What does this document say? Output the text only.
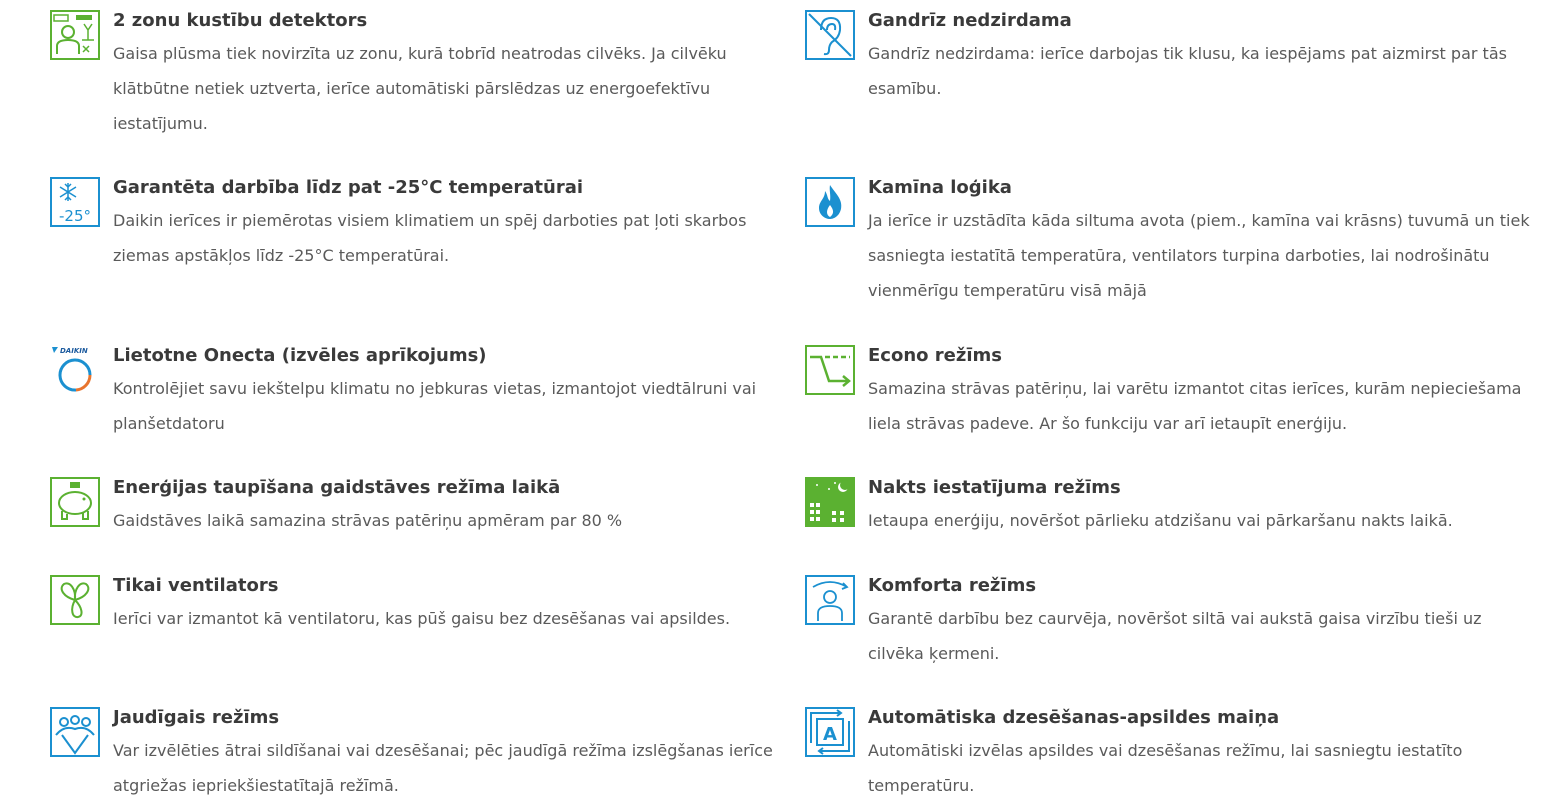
2 zonu kustību detektors
Gaisa plūsma tiek novirzīta uz zonu, kurā tobrīd neatrodas cilvēks. Ja cilvēku klātbūtne netiek uztverta, ierīce automātiski pārslēdzas uz energoefektīvu iestatījumu.
-25°
Garantēta darbība līdz pat -25°C temperatūrai
Daikin ierīces ir piemērotas visiem klimatiem un spēj darboties pat ļoti skarbos ziemas apstākļos līdz -25°C temperatūrai.
DAIKIN Lietotne Onecta (izvēles aprīkojums)
Kontrolējiet savu iekštelpu klimatu no jebkuras vietas, izmantojot viedtālruni vai planšetdatoru
Enerģijas taupīšana gaidstāves režīma laikā
Gaidstāves laikā samazina strāvas patēriņu apmēram par 80 %
Tikai ventilators
Ierīci var izmantot kā ventilatoru, kas pūš gaisu bez dzesēšanas vai apsildes.
Jaudīgais režīms
Var izvēlēties ātrai sildīšanai vai dzesēšanai; pēc jaudīgā režīma izslēgšanas ierīce atgriežas iepriekšiestatītajā režīmā.
Gandrīz nedzirdama
Gandrīz nedzirdama: ierīce darbojas tik klusu, ka iespējams pat aizmirst par tās esamību.
Kamīna loģika
Ja ierīce ir uzstādīta kāda siltuma avota (piem., kamīna vai krāsns) tuvumā un tiek sasniegta iestatītā temperatūra, ventilators turpina darboties, lai nodrošinātu vienmērīgu temperatūru visā mājā
Econo režīms
Samazina strāvas patēriņu, lai varētu izmantot citas ierīces, kurām nepieciešama liela strāvas padeve. Ar šo funkciju var arī ietaupīt enerģiju.
Nakts iestatījuma režīms
Ietaupa enerģiju, novēršot pārlieku atdzišanu vai pārkaršanu nakts laikā.
Komforta režīms
Garantē darbību bez caurvēja, novēršot siltā vai aukstā gaisa virzību tieši uz cilvēka ķermeni.
A
Automātiska dzesēšanas-apsildes maiņa
Automātiski izvēlas apsildes vai dzesēšanas režīmu, lai sasniegtu iestatīto temperatūru.
